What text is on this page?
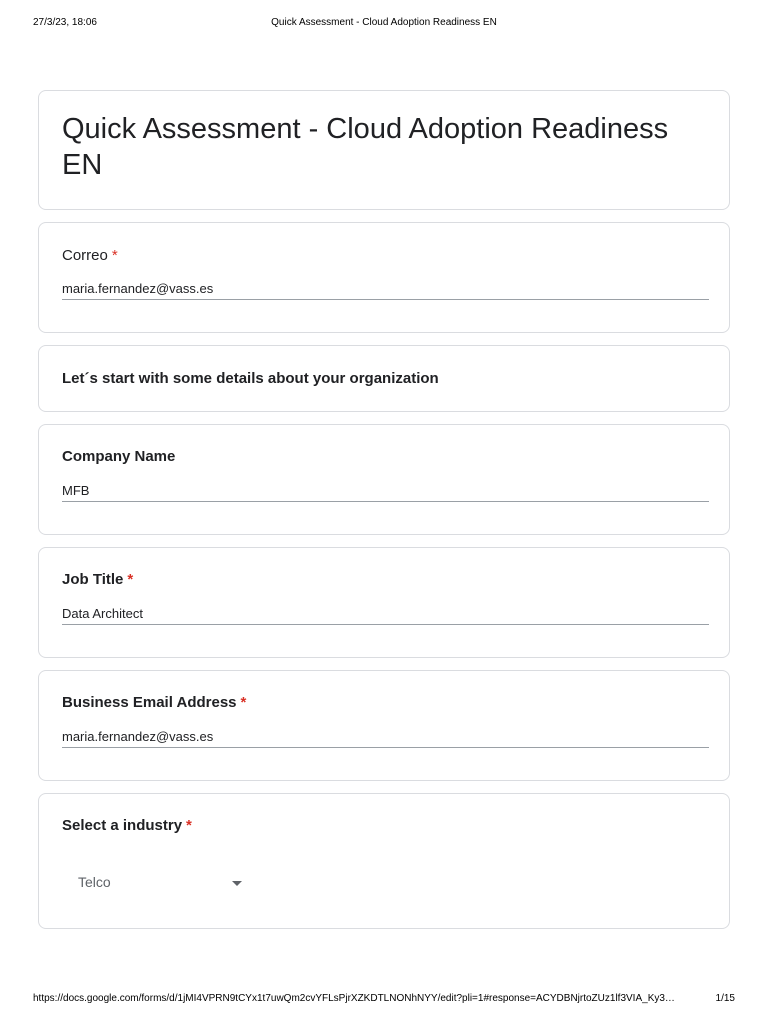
27/3/23, 18:06	Quick Assessment - Cloud Adoption Readiness EN
Quick Assessment - Cloud Adoption Readiness EN
Correo *
maria.fernandez@vass.es
Let´s start with some details about your organization
Company Name
MFB
Job Title *
Data Architect
Business Email Address *
maria.fernandez@vass.es
Select a industry *
Telco
https://docs.google.com/forms/d/1jMI4VPRN9tCYx1t7uwQm2cvYFLsPjrXZKDTLNONhNYY/edit?pli=1#response=ACYDBNjrtoZUz1lf3VIA_Ky3…	1/15
